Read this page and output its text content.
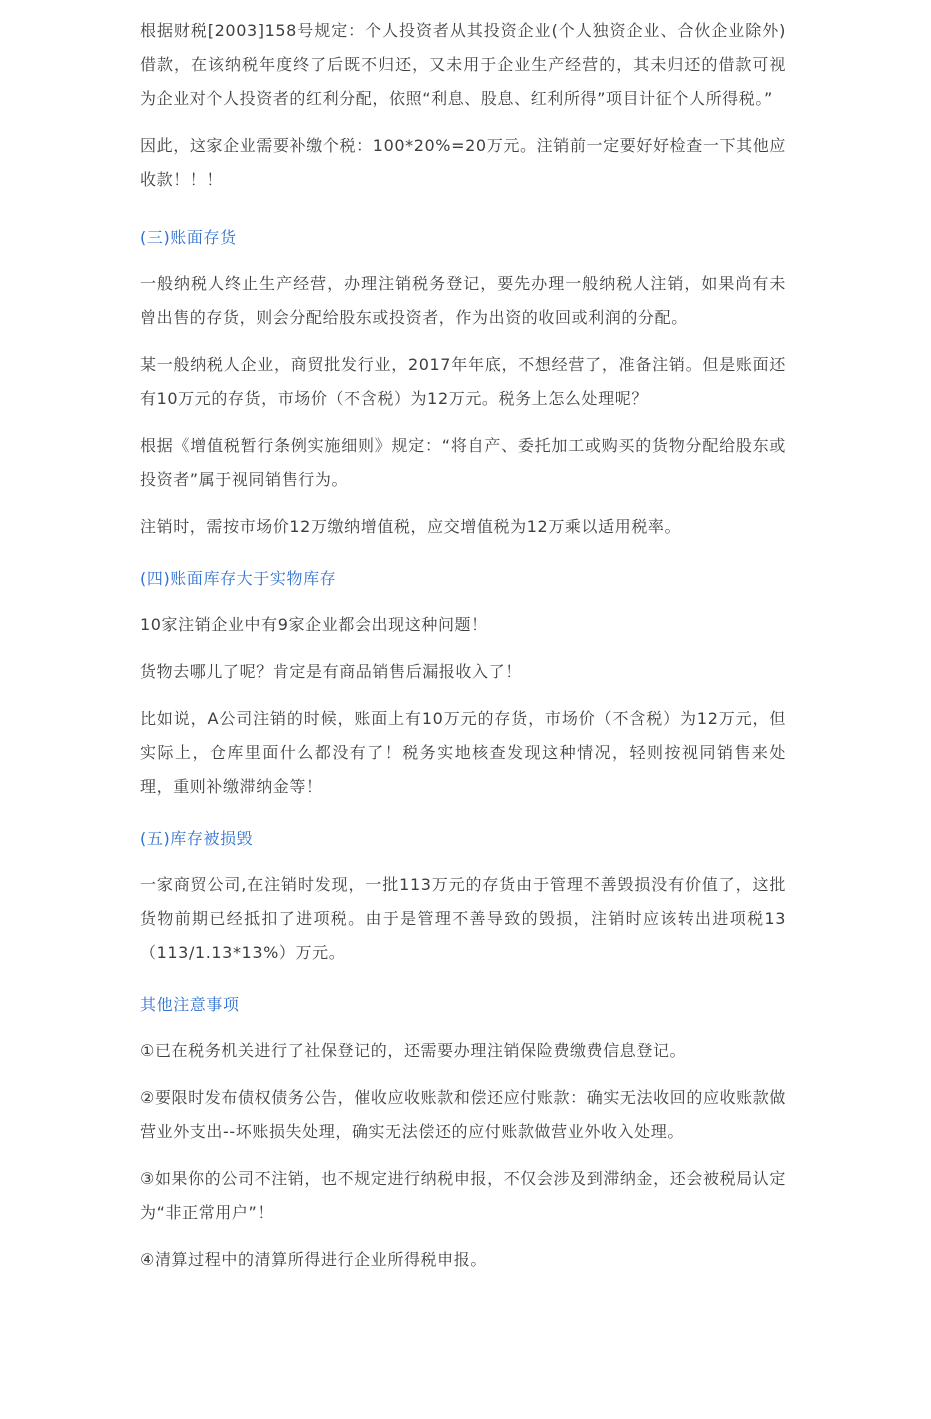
根据财税[2003]158号规定：个人投资者从其投资企业(个人独资企业、合伙企业除外)借款，在该纳税年度终了后既不归还，又未用于企业生产经营的，其未归还的借款可视为企业对个人投资者的红利分配，依照“利息、股息、红利所得”项目计征个人所得税。”

因此，这家企业需要补缴个税：100*20%=20万元。注销前一定要好好检查一下其他应收款！！！

(三)账面存货

一般纳税人终止生产经营，办理注销税务登记，要先办理一般纳税人注销，如果尚有未曾出售的存货，则会分配给股东或投资者，作为出资的收回或利润的分配。

某一般纳税人企业，商贸批发行业，2017年年底，不想经营了，准备注销。但是账面还有10万元的存货，市场价（不含税）为12万元。税务上怎么处理呢？

根据《增值税暂行条例实施细则》规定：“将自产、委托加工或购买的货物分配给股东或投资者”属于视同销售行为。

注销时，需按市场价12万缴纳增值税，应交增值税为12万乘以适用税率。

(四)账面库存大于实物库存

10家注销企业中有9家企业都会出现这种问题！

货物去哪儿了呢？肯定是有商品销售后漏报收入了！

比如说，A公司注销的时候，账面上有10万元的存货，市场价（不含税）为12万元，但实际上，仓库里面什么都没有了！税务实地核查发现这种情况，轻则按视同销售来处理，重则补缴滞纳金等！

(五)库存被损毁

一家商贸公司,在注销时发现，一批113万元的存货由于管理不善毁损没有价值了，这批货物前期已经抵扣了进项税。由于是管理不善导致的毁损，注销时应该转出进项税13（113/1.13*13%）万元。

其他注意事项

①已在税务机关进行了社保登记的，还需要办理注销保险费缴费信息登记。

②要限时发布债权债务公告，催收应收账款和偿还应付账款：确实无法收回的应收账款做营业外支出--坏账损失处理，确实无法偿还的应付账款做营业外收入处理。

③如果你的公司不注销，也不规定进行纳税申报，不仅会涉及到滞纳金，还会被税局认定为“非正常用户”！

④清算过程中的清算所得进行企业所得税申报。
